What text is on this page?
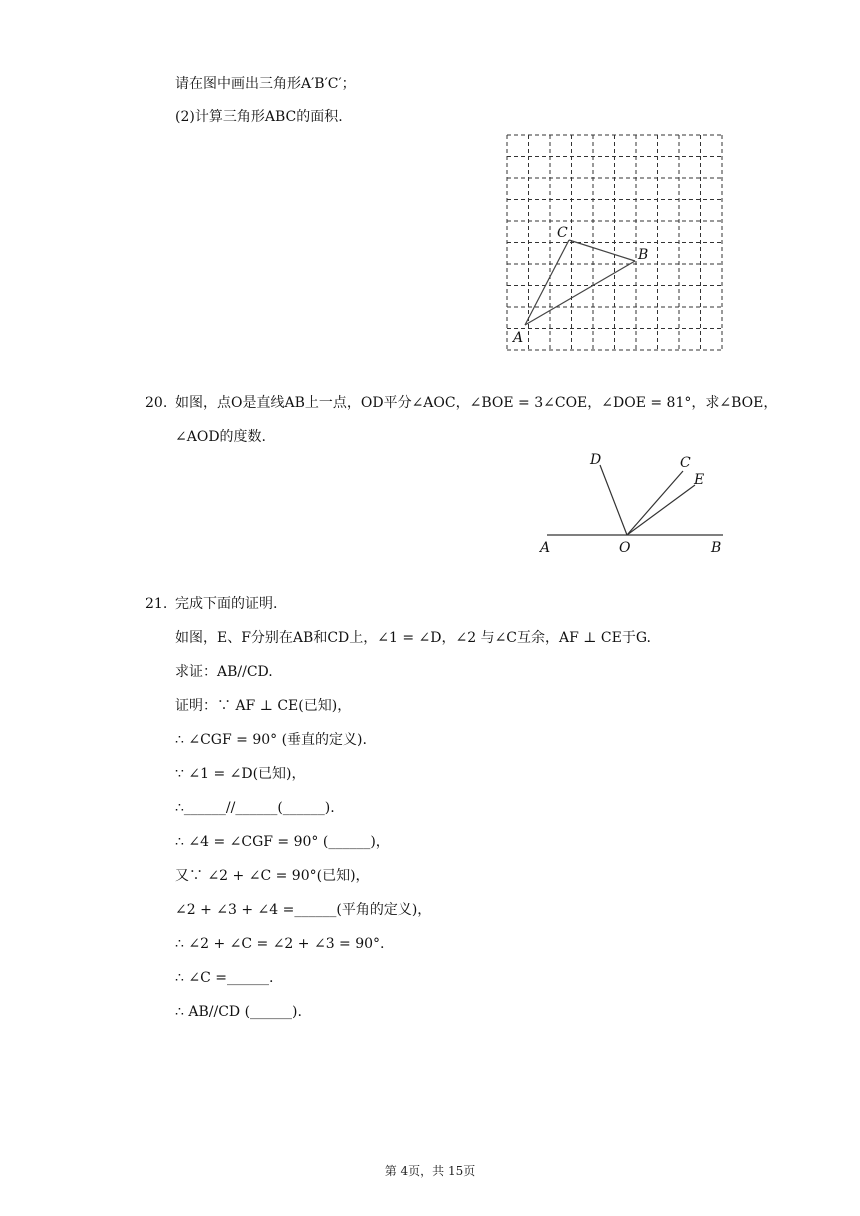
请在图中画出三角形A′B′C′；
(2)计算三角形ABC的面积.
A
B
C
20. 如图，点O是直线AB上一点，OD平分∠AOC，∠BOE = 3∠COE，∠DOE = 81°，求∠BOE，
∠AOD的度数.
A	O	B
D	C
E
21. 完成下面的证明.
如图，E、F分别在AB和CD上，∠1 = ∠D，∠2 与∠C互余，AF ⊥ CE于G.
求证：AB//CD.
证明：∵ AF ⊥ CE(已知)，
∴ ∠CGF = 90° (垂直的定义).
∵ ∠1 = ∠D(已知)，
∴______//______(______).
∴ ∠4 = ∠CGF = 90° (______)，
又∵ ∠2 + ∠C = 90°(已知)，
∠2 + ∠3 + ∠4 =______(平角的定义)，
∴ ∠2 + ∠C = ∠2 + ∠3 = 90°.
∴ ∠C =______.
∴ AB//CD (______).
第 4页，共 15页
